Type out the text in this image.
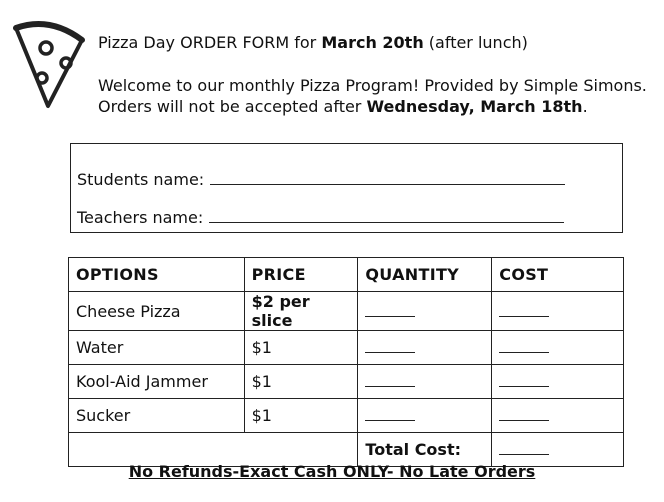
Pizza Day ORDER FORM for March 20th (after lunch)
Welcome to our monthly Pizza Program! Provided by Simple Simons.
Orders will not be accepted after Wednesday, March 18th.
Students name:
Teachers name:
OPTIONS	PRICE	QUANTITY	COST
Cheese Pizza	$2 per slice		
Water	$1		
Kool-Aid Jammer	$1		
Sucker	$1		
		Total Cost:	
No Refunds-Exact Cash ONLY- No Late Orders
